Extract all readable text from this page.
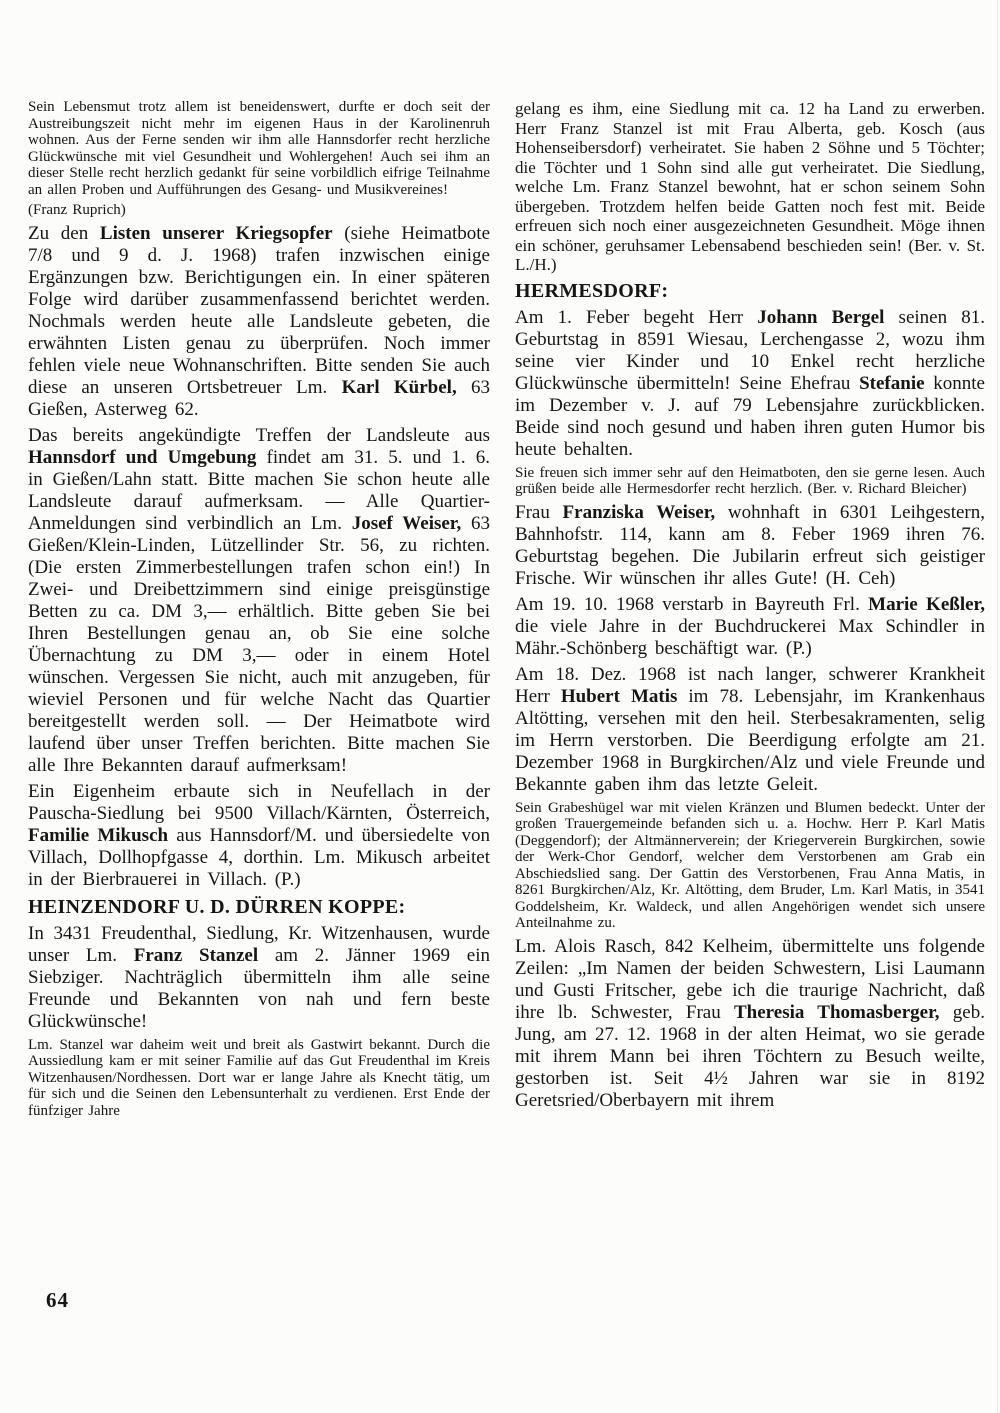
Sein Lebensmut trotz allem ist beneidenswert, durfte er doch seit der Austreibungszeit nicht mehr im eigenen Haus in der Karolinenruh wohnen. Aus der Ferne senden wir ihm alle Hannsdorfer recht herzliche Glückwünsche mit viel Gesundheit und Wohlergehen! Auch sei ihm an dieser Stelle recht herzlich gedankt für seine vorbildlich eifrige Teilnahme an allen Proben und Aufführungen des Gesang- und Musikvereines!

(Franz Ruprich)

Zu den Listen unserer Kriegsopfer (siehe Heimatbote 7/8 und 9 d. J. 1968) trafen inzwischen einige Ergänzungen bzw. Berichtigungen ein. In einer späteren Folge wird darüber zusammenfassend berichtet werden. Nochmals werden heute alle Landsleute gebeten, die erwähnten Listen genau zu überprüfen. Noch immer fehlen viele neue Wohnanschriften. Bitte senden Sie auch diese an unseren Ortsbetreuer Lm. Karl Kürbel, 63 Gießen, Asterweg 62.

Das bereits angekündigte Treffen der Landsleute aus Hannsdorf und Umgebung findet am 31. 5. und 1. 6. in Gießen/Lahn statt. Bitte machen Sie schon heute alle Landsleute darauf aufmerksam. — Alle Quartier-Anmeldungen sind verbindlich an Lm. Josef Weiser, 63 Gießen/Klein-Linden, Lützellinder Str. 56, zu richten. (Die ersten Zimmerbestellungen trafen schon ein!) In Zwei- und Dreibettzimmern sind einige preisgünstige Betten zu ca. DM 3,— erhältlich. Bitte geben Sie bei Ihren Bestellungen genau an, ob Sie eine solche Übernachtung zu DM 3,— oder in einem Hotel wünschen. Vergessen Sie nicht, auch mit anzugeben, für wieviel Personen und für welche Nacht das Quartier bereitgestellt werden soll. — Der Heimatbote wird laufend über unser Treffen berichten. Bitte machen Sie alle Ihre Bekannten darauf aufmerksam!

Ein Eigenheim erbaute sich in Neufellach in der Pauscha-Siedlung bei 9500 Villach/Kärnten, Österreich, Familie Mikusch aus Hannsdorf/M. und übersiedelte von Villach, Dollhopfgasse 4, dorthin. Lm. Mikusch arbeitet in der Bierbrauerei in Villach. (P.)

HEINZENDORF U. D. DÜRREN KOPPE:

In 3431 Freudenthal, Siedlung, Kr. Witzenhausen, wurde unser Lm. Franz Stanzel am 2. Jänner 1969 ein Siebziger. Nachträglich übermitteln ihm alle seine Freunde und Bekannten von nah und fern beste Glückwünsche!

Lm. Stanzel war daheim weit und breit als Gastwirt bekannt. Durch die Aussiedlung kam er mit seiner Familie auf das Gut Freudenthal im Kreis Witzenhausen/Nordhessen. Dort war er lange Jahre als Knecht tätig, um für sich und die Seinen den Lebensunterhalt zu verdienen. Erst Ende der fünfziger Jahre

gelang es ihm, eine Siedlung mit ca. 12 ha Land zu erwerben. Herr Franz Stanzel ist mit Frau Alberta, geb. Kosch (aus Hohenseibersdorf) verheiratet. Sie haben 2 Söhne und 5 Töchter; die Töchter und 1 Sohn sind alle gut verheiratet. Die Siedlung, welche Lm. Franz Stanzel bewohnt, hat er schon seinem Sohn übergeben. Trotzdem helfen beide Gatten noch fest mit. Beide erfreuen sich noch einer ausgezeichneten Gesundheit. Möge ihnen ein schöner, geruhsamer Lebensabend beschieden sein! (Ber. v. St. L./H.)

HERMESDORF:

Am 1. Feber begeht Herr Johann Bergel seinen 81. Geburtstag in 8591 Wiesau, Lerchengasse 2, wozu ihm seine vier Kinder und 10 Enkel recht herzliche Glückwünsche übermitteln! Seine Ehefrau Stefanie konnte im Dezember v. J. auf 79 Lebensjahre zurückblicken. Beide sind noch gesund und haben ihren guten Humor bis heute behalten.

Sie freuen sich immer sehr auf den Heimatboten, den sie gerne lesen. Auch grüßen beide alle Hermesdorfer recht herzlich. (Ber. v. Richard Bleicher)

Frau Franziska Weiser, wohnhaft in 6301 Leihgestern, Bahnhofstr. 114, kann am 8. Feber 1969 ihren 76. Geburtstag begehen. Die Jubilarin erfreut sich geistiger Frische. Wir wünschen ihr alles Gute! (H. Ceh)

Am 19. 10. 1968 verstarb in Bayreuth Frl. Marie Keßler, die viele Jahre in der Buchdruckerei Max Schindler in Mähr.-Schönberg beschäftigt war. (P.)

Am 18. Dez. 1968 ist nach langer, schwerer Krankheit Herr Hubert Matis im 78. Lebensjahr, im Krankenhaus Altötting, versehen mit den heil. Sterbesakramenten, selig im Herrn verstorben. Die Beerdigung erfolgte am 21. Dezember 1968 in Burgkirchen/Alz und viele Freunde und Bekannte gaben ihm das letzte Geleit.

Sein Grabeshügel war mit vielen Kränzen und Blumen bedeckt. Unter der großen Trauergemeinde befanden sich u. a. Hochw. Herr P. Karl Matis (Deggendorf); der Altmännerverein; der Kriegerverein Burgkirchen, sowie der Werk-Chor Gendorf, welcher dem Verstorbenen am Grab ein Abschiedslied sang. Der Gattin des Verstorbenen, Frau Anna Matis, in 8261 Burgkirchen/Alz, Kr. Altötting, dem Bruder, Lm. Karl Matis, in 3541 Goddelsheim, Kr. Waldeck, und allen Angehörigen wendet sich unsere Anteilnahme zu.

Lm. Alois Rasch, 842 Kelheim, übermittelte uns folgende Zeilen: „Im Namen der beiden Schwestern, Lisi Laumann und Gusti Fritscher, gebe ich die traurige Nachricht, daß ihre lb. Schwester, Frau Theresia Thomasberger, geb. Jung, am 27. 12. 1968 in der alten Heimat, wo sie gerade mit ihrem Mann bei ihren Töchtern zu Besuch weilte, gestorben ist. Seit 4½ Jahren war sie in 8192 Geretsried/Oberbayern mit ihrem

64
